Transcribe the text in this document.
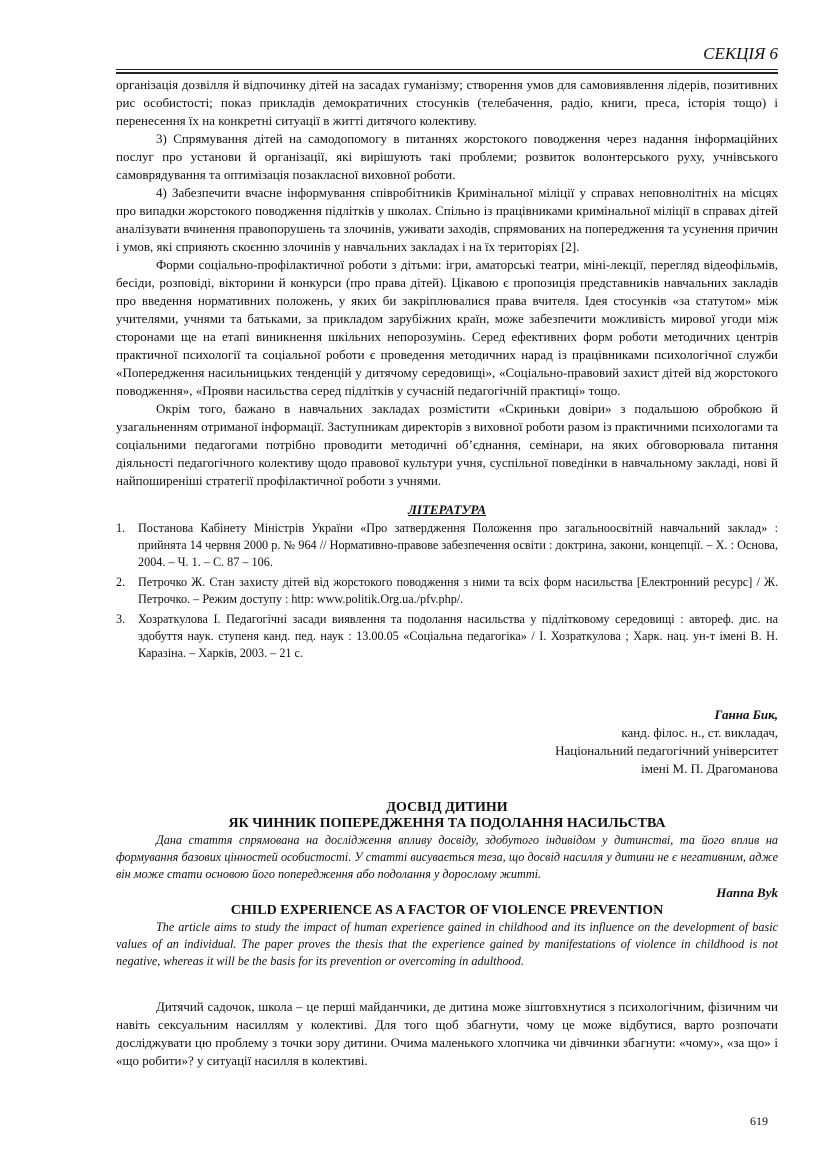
СЕКЦІЯ 6

організація дозвілля й відпочинку дітей на засадах гуманізму; створення умов для самовиявлення лідерів, позитивних рис особистості; показ прикладів демократичних стосунків (телебачення, радіо, книги, преса, історія тощо) і перенесення їх на конкретні ситуації в житті дитячого колективу.

3) Спрямування дітей на самодопомогу в питаннях жорстокого поводження через надання інформаційних послуг про установи й організації, які вирішують такі проблеми; розвиток волонтерського руху, учнівського самоврядування та оптимізація позакласної виховної роботи.

4) Забезпечити вчасне інформування співробітників Кримінальної міліції у справах неповнолітніх на місцях про випадки жорстокого поводження підлітків у школах. Спільно із працівниками кримінальної міліції в справах дітей аналізувати вчинення правопорушень та злочинів, уживати заходів, спрямованих на попередження та усунення причин і умов, які сприяють скоєнню злочинів у навчальних закладах і на їх територіях [2].

Форми соціально-профілактичної роботи з дітьми: ігри, аматорські театри, міні-лекції, перегляд відеофільмів, бесіди, розповіді, вікторини й конкурси (про права дітей). Цікавою є пропозиція представників навчальних закладів про введення нормативних положень, у яких би закріплювалися права вчителя. Ідея стосунків «за статутом» між учителями, учнями та батьками, за прикладом зарубіжних країн, може забезпечити можливість мирової угоди між сторонами ще на етапі виникнення шкільних непорозумінь. Серед ефективних форм роботи методичних центрів практичної психології та соціальної роботи є проведення методичних нарад із працівниками психологічної служби «Попередження насильницьких тенденцій у дитячому середовищі», «Соціально-правовий захист дітей від жорстокого поводження», «Прояви насильства серед підлітків у сучасній педагогічній практиці» тощо.

Окрім того, бажано в навчальних закладах розмістити «Скриньки довіри» з подальшою обробкою й узагальненням отриманої інформації. Заступникам директорів з виховної роботи разом із практичними психологами та соціальними педагогами потрібно проводити методичні об’єднання, семінари, на яких обговорювала питання діяльності педагогічного колективу щодо правової культури учня, суспільної поведінки в навчальному закладі, нові й найпоширеніші стратегії профілактичної роботи з учнями.

ЛІТЕРАТУРА
1.	Постанова Кабінету Міністрів України «Про затвердження Положення про загальноосвітній навчальний заклад» : прийнята 14 червня 2000 р. № 964 // Нормативно-правове забезпечення освіти : доктрина, закони, концепції. – Х. : Основа, 2004. – Ч. 1. – С. 87 – 106.
2.	Петрочко Ж. Стан захисту дітей від жорстокого поводження з ними та всіх форм насильства [Електронний ресурс] / Ж. Петрочко. – Режим доступу : http: www.politik.Org.ua./pfv.php/.
3.	Хозраткулова І. Педагогічні засади виявлення та подолання насильства у підлітковому середовищі : автореф. дис. на здобуття наук. ступеня канд. пед. наук : 13.00.05 «Соціальна педагогіка» / І. Хозраткулова ; Харк. нац. ун-т імені В. Н. Каразіна. – Харків, 2003. – 21 с.
Ганна Бик,
канд. філос. н., ст. викладач,
Національний педагогічний університет
імені М. П. Драгоманова
ДОСВІД ДИТИНИ
ЯК ЧИННИК ПОПЕРЕДЖЕННЯ ТА ПОДОЛАННЯ НАСИЛЬСТВА

Дана стаття спрямована на дослідження впливу досвіду, здобутого індивідом у дитинстві, та його вплив на формування базових цінностей особистості. У статті висувається теза, що досвід насилля у дитини не є негативним, адже він може стати основою його попередження або подолання у дорослому житті.

Hanna Byk
CHILD EXPERIENCE AS A FACTOR OF VIOLENCE PREVENTION

The article aims to study the impact of human experience gained in childhood and its influence on the development of basic values of an individual. The paper proves the thesis that the experience gained by manifestations of violence in childhood is not negative, whereas it will be the basis for its prevention or overcoming in adulthood.

Дитячий садочок, школа – це перші майданчики, де дитина може зіштовхнутися з психологічним, фізичним чи навіть сексуальним насиллям у колективі. Для того щоб збагнути, чому це може відбутися, варто розпочати досліджувати цю проблему з точки зору дитини. Очима маленького хлопчика чи дівчинки збагнути: «чому», «за що» і «що робити»? у ситуації насилля в колективі.

619
